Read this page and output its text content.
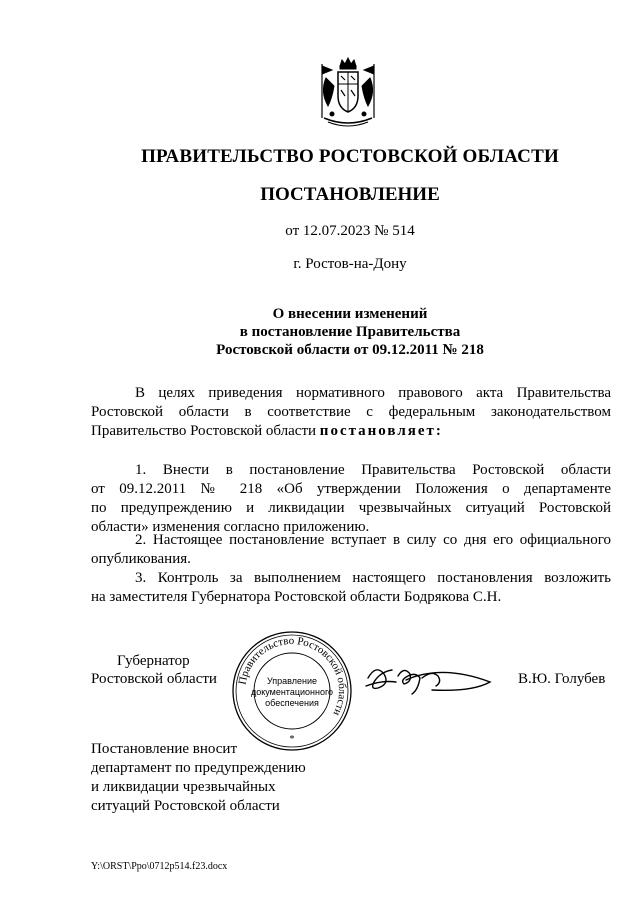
ПРАВИТЕЛЬСТВО РОСТОВСКОЙ ОБЛАСТИ
ПОСТАНОВЛЕНИЕ
от 12.07.2023 № 514
г. Ростов-на-Дону
О внесении изменений
в постановление Правительства
Ростовской области от 09.12.2011 № 218
В целях приведения нормативного правового акта Правительства
Ростовской области в соответствие с федеральным законодательством
Правительство Ростовской области постановляет:
1. Внести в постановление Правительства Ростовской области
от 09.12.2011 № 218 «Об утверждении Положения о департаменте
по предупреждению и ликвидации чрезвычайных ситуаций Ростовской
области» изменения согласно приложению.
2. Настоящее постановление вступает в силу со дня его официального
опубликования.
3. Контроль за выполнением настоящего постановления возложить
на заместителя Губернатора Ростовской области Бодрякова С.Н.
Губернатор
Ростовской области Правительство Ростовской области
Управление
документационного
обеспечения
*
В.Ю. Голубев
Постановление вносит
департамент по предупреждению
и ликвидации чрезвычайных
ситуаций Ростовской области
Y:\ORST\Ppo\0712p514.f23.docx
